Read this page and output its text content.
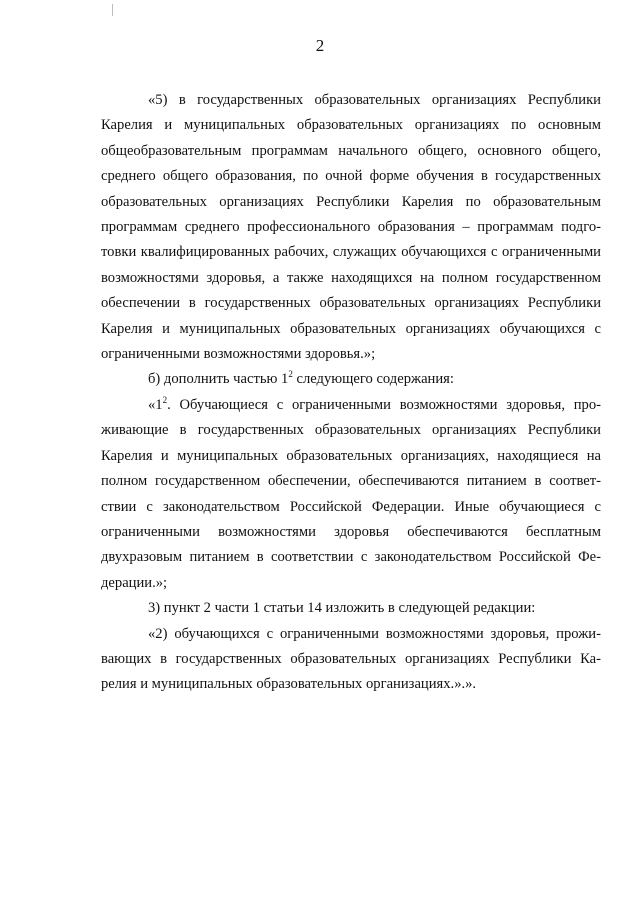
2

«5) в государственных образовательных организациях Республики Карелия и муниципальных образовательных организациях по основным общеобразовательным программам начального общего, основного общего, среднего общего образования, по очной форме обучения в государственных образовательных организациях Республики Карелия по образовательным программам среднего профессионального образования – программам подготовки квалифицированных рабочих, служащих обучающихся с ограниченными возможностями здоровья, а также находящихся на полном государственном обеспечении в государственных образовательных организациях Республики Карелия и муниципальных образовательных организациях обучающихся с ограниченными возможностями здоровья.»;

б) дополнить частью $1^2$ следующего содержания:

«$1^2$. Обучающиеся с ограниченными возможностями здоровья, проживающие в государственных образовательных организациях Республики Карелия и муниципальных образовательных организациях, находящиеся на полном государственном обеспечении, обеспечиваются питанием в соответствии с законодательством Российской Федерации. Иные обучающиеся с ограниченными возможностями здоровья обеспечиваются бесплатным двухразовым питанием в соответствии с законодательством Российской Федерации.»;

3) пункт 2 части 1 статьи 14 изложить в следующей редакции:

«2) обучающихся с ограниченными возможностями здоровья, проживающих в государственных образовательных организациях Республики Карелия и муниципальных образовательных организациях.».».
